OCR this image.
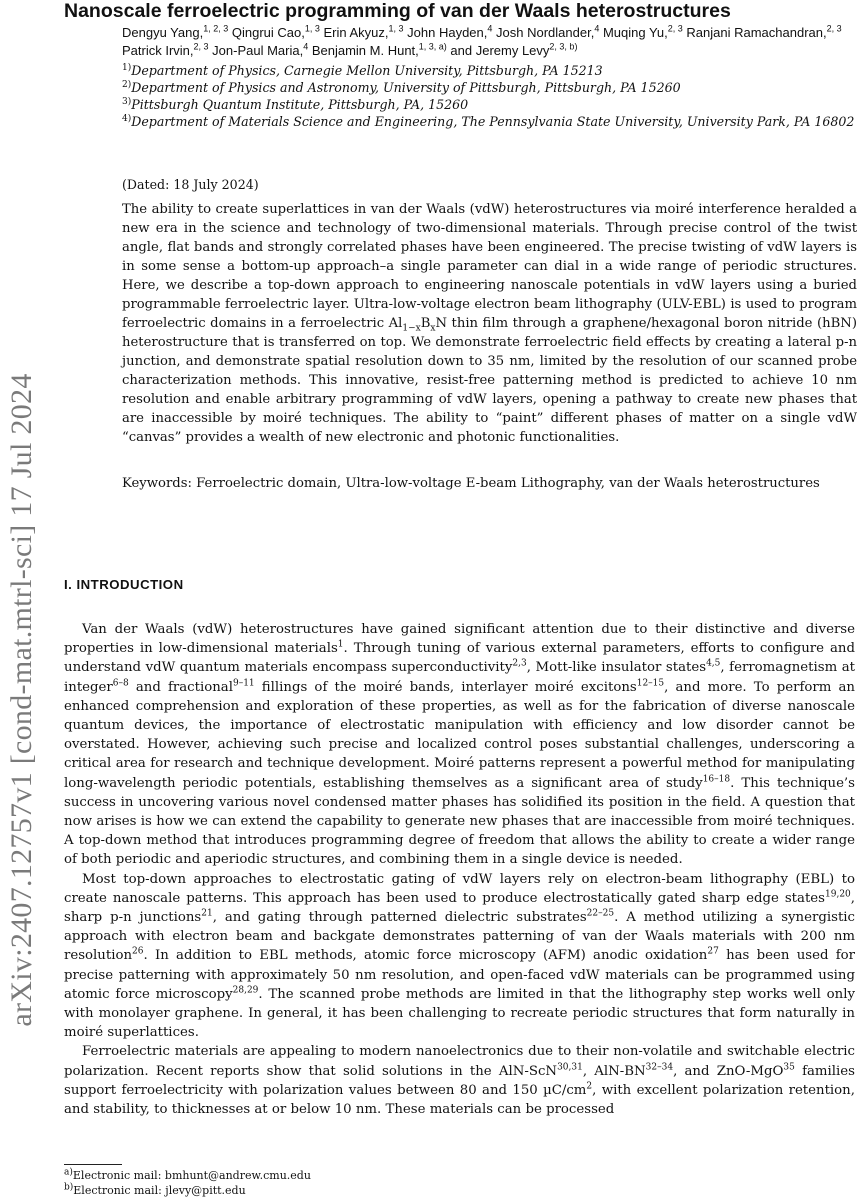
arXiv:2407.12757v1 [cond-mat.mtrl-sci] 17 Jul 2024
Nanoscale ferroelectric programming of van der Waals heterostructures
Dengyu Yang,$^{1, 2, 3}$ Qingrui Cao,$^{1, 3}$ Erin Akyuz,$^{1, 3}$ John Hayden,$^4$ Josh Nordlander,$^4$ Muqing Yu,$^{2, 3}$ Ranjani Ramachandran,$^{2, 3}$ Patrick Irvin,$^{2, 3}$ Jon-Paul Maria,$^4$ Benjamin M. Hunt,$^{1, 3, a)}$ and Jeremy Levy$^{2, 3, b)}$
$^{1)}$Department of Physics, Carnegie Mellon University, Pittsburgh, PA 15213
$^{2)}$Department of Physics and Astronomy, University of Pittsburgh, Pittsburgh, PA 15260
$^{3)}$Pittsburgh Quantum Institute, Pittsburgh, PA, 15260
$^{4)}$Department of Materials Science and Engineering, The Pennsylvania State University, University Park, PA 16802
(Dated: 18 July 2024)
The ability to create superlattices in van der Waals (vdW) heterostructures via moiré interference heralded a new era in the science and technology of two-dimensional materials. Through precise control of the twist angle, flat bands and strongly correlated phases have been engineered. The precise twisting of vdW layers is in some sense a bottom-up approach–a single parameter can dial in a wide range of periodic structures. Here, we describe a top-down approach to engineering nanoscale potentials in vdW layers using a buried programmable ferroelectric layer. Ultra-low-voltage electron beam lithography (ULV-EBL) is used to program ferroelectric domains in a ferroelectric $Al_{1-x}B_xN$ thin film through a graphene/hexagonal boron nitride (hBN) heterostructure that is transferred on top. We demonstrate ferroelectric field effects by creating a lateral p-n junction, and demonstrate spatial resolution down to 35 nm, limited by the resolution of our scanned probe characterization methods. This innovative, resist-free patterning method is predicted to achieve 10 nm resolution and enable arbitrary programming of vdW layers, opening a pathway to create new phases that are inaccessible by moiré techniques. The ability to “paint” different phases of matter on a single vdW “canvas” provides a wealth of new electronic and photonic functionalities.
Keywords: Ferroelectric domain, Ultra-low-voltage E-beam Lithography, van der Waals heterostructures
I. INTRODUCTION

Van der Waals (vdW) heterostructures have gained significant attention due to their distinctive and diverse properties in low-dimensional materials$^1$. Through tuning of various external parameters, efforts to configure and understand vdW quantum materials encompass superconductivity$^{2,3}$, Mott-like insulator states$^{4,5}$, ferromagnetism at integer$^{6-8}$ and fractional$^{9-11}$ fillings of the moiré bands, interlayer moiré excitons$^{12-15}$, and more. To perform an enhanced comprehension and exploration of these properties, as well as for the fabrication of diverse nanoscale quantum devices, the importance of electrostatic manipulation with efficiency and low disorder cannot be overstated. However, achieving such precise and localized control poses substantial challenges, underscoring a critical area for research and technique development. Moiré patterns represent a powerful method for manipulating long-wavelength periodic potentials, establishing themselves as a significant area of study$^{16-18}$. This technique’s success in uncovering various novel condensed matter phases has solidified its position in the field. A question that now arises is how we can extend the capability to generate new phases that are inaccessible from moiré techniques. A top-down method that introduces programming degree of freedom that allows the ability to create a wider range of both periodic and aperiodic structures, and combining them in a single device is needed.

Most top-down approaches to electrostatic gating of vdW layers rely on electron-beam lithography (EBL) to create nanoscale patterns. This approach has been used to produce electrostatically gated sharp edge states$^{19,20}$, sharp p-n junctions$^{21}$, and gating through patterned dielectric substrates$^{22-25}$. A method utilizing a synergistic approach with electron beam and backgate demonstrates patterning of van der Waals materials with 200 nm resolution$^{26}$. In addition to EBL methods, atomic force microscopy (AFM) anodic oxidation$^{27}$ has been used for precise patterning with approximately 50 nm resolution, and open-faced vdW materials can be programmed using atomic force microscopy$^{28,29}$. The scanned probe methods are limited in that the lithography step works well only with monolayer graphene. In general, it has been challenging to recreate periodic structures that form naturally in moiré superlattices.

Ferroelectric materials are appealing to modern nanoelectronics due to their non-volatile and switchable electric polarization. Recent reports show that solid solutions in the AlN-ScN$^{30,31}$, AlN-BN$^{32-34}$, and ZnO-MgO$^{35}$ families support ferroelectricity with polarization values between 80 and 150 $\mu C/cm^2$, with excellent polarization retention, and stability, to thicknesses at or below 10 nm. These materials can be processed

$^{a)}$Electronic mail: bmhunt@andrew.cmu.edu
$^{b)}$Electronic mail: jlevy@pitt.edu
